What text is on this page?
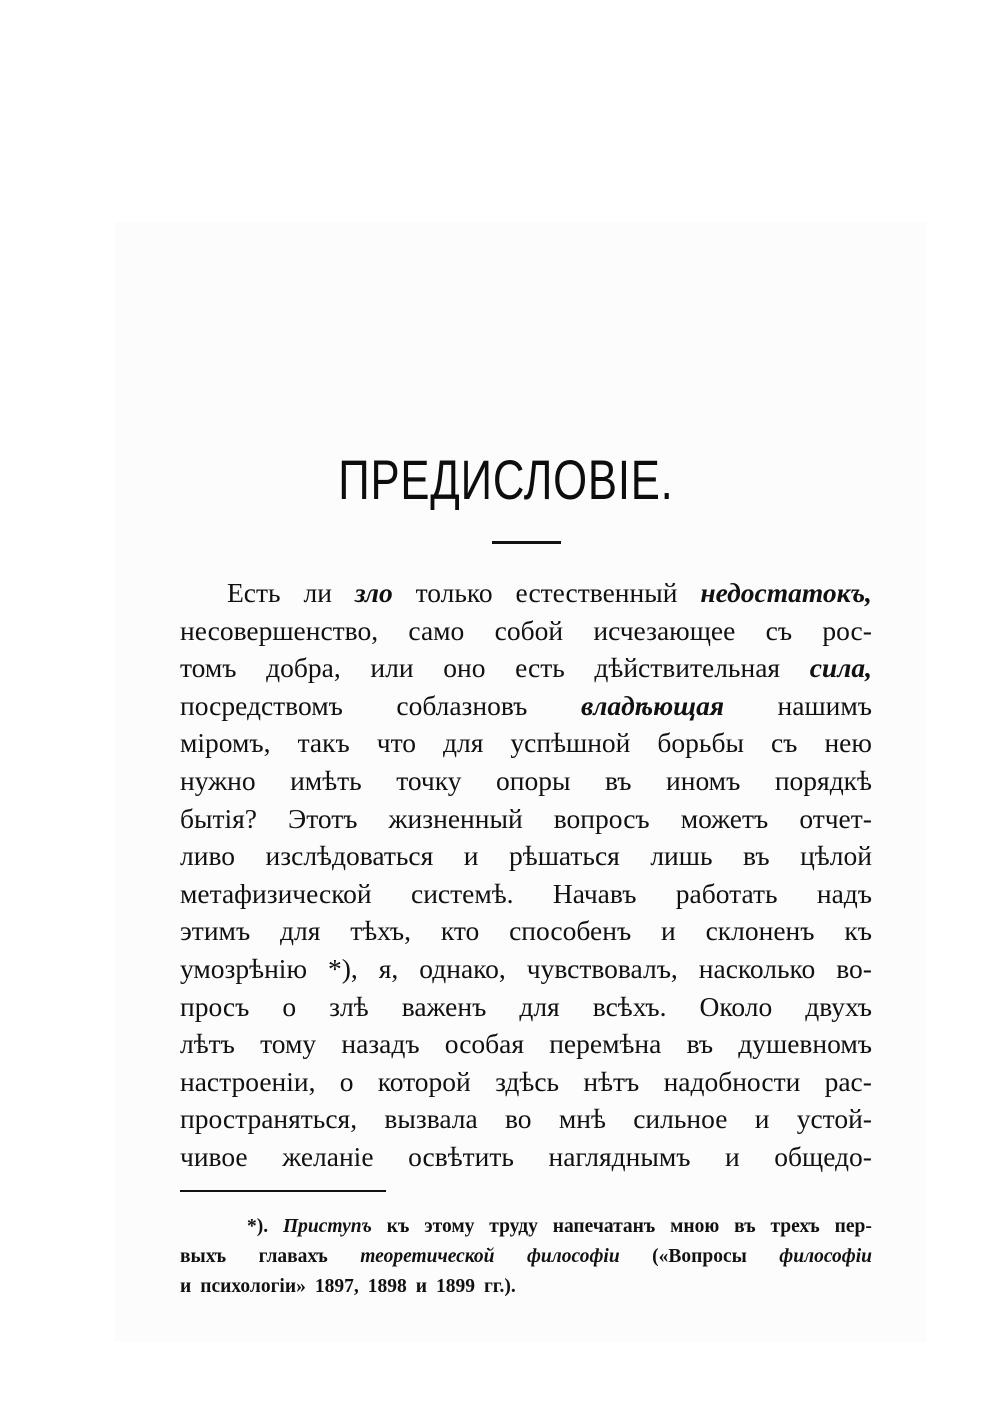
ПРЕДИСЛОВІЕ.
Есть ли зло только естественный недостатокъ,
несовершенство, само собой исчезающее съ рос-
томъ добра, или оно есть дѣйствительная сила,
посредствомъ соблазновъ владѣющая нашимъ
міромъ, такъ что для успѣшной борьбы съ нею
нужно имѣть точку опоры въ иномъ порядкѣ
бытія? Этотъ жизненный вопросъ можетъ отчет-
ливо изслѣдоваться и рѣшаться лишь въ цѣлой
метафизической системѣ. Начавъ работать надъ
этимъ для тѣхъ, кто способенъ и склоненъ къ
умозрѣнію *), я, однако, чувствовалъ, насколько во-
просъ о злѣ важенъ для всѣхъ. Около двухъ
лѣтъ тому назадъ особая перемѣна въ душевномъ
настроеніи, о которой здѣсь нѣтъ надобности рас-
пространяться, вызвала во мнѣ сильное и устой-
чивое желаніе освѣтить нагляднымъ и общедо-
*). Приступъ къ этому труду напечатанъ мною въ трехъ пер-
выхъ главахъ теоретической философіи («Вопросы философіи
и психологіи» 1897, 1898 и 1899 гг.).
